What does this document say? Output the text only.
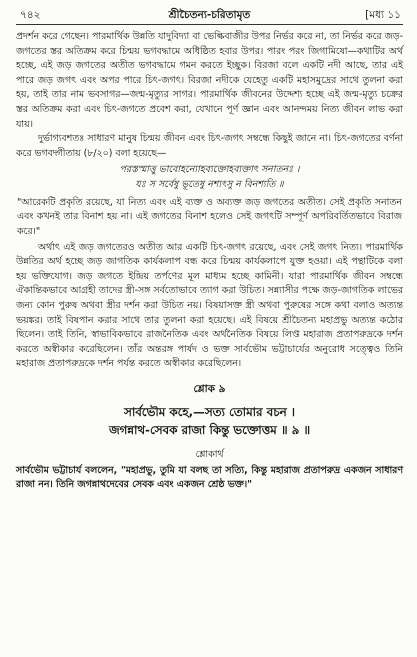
৭৪২	শ্রীচৈতন্য-চরিতামৃত	[মধ্য ১১

প্রদর্শন করে গেছেন। পারমার্থিক উন্নতি যাদুবিদ্যা বা ভেল্কিবাজীর উপর নির্ভর করে না, তা নির্ভর করে জড়-জগতের স্তর অতিক্রম করে চিন্ময় ভগবদ্ধামে অধিষ্ঠিত হবার উপর। পারং পরং জিগামিষো—কথাটির অর্থ হচ্ছে, এই জড় জগতের অতীত ভগবদ্ধামে গমন করতে ইচ্ছুক। বিরজা বলে একটি নদী আছে, তার এই পারে জড় জগৎ এবং অপর পারে চিৎ-জগৎ। বিরজা নদীকে যেহেতু একটি মহাসমুদ্রের সাথে তুলনা করা হয়, তাই তার নাম ভবসাগর—জন্ম-মৃত্যুর সাগর। পারমার্থিক জীবনের উদ্দেশ্য হচ্ছে এই জন্ম-মৃত্যু চক্রের স্তর অতিক্রম করা এবং চিৎ-জগতে প্রবেশ করা, যেখানে পূর্ণ জ্ঞান এবং আনন্দময় নিত্য জীবন লাভ করা যায়।

দুর্ভাগ্যবশতঃ সাধারণ মানুষ চিন্ময় জীবন এবং চিৎ-জগৎ সম্বন্ধে কিছুই জানে না। চিৎ-জগতের বর্ণনা করে ভগবদ্গীতায় (৮/২০) বলা হয়েছে—

পরস্তস্মাত্তু ভাবোহন্যোহব্যক্তোহব্যক্তাৎ সনাতনঃ ।
যঃ স সর্বেষু ভূতেষু নশ্যৎসু ন বিনশ্যতি ॥

"আরেকটি প্রকৃতি রয়েছে, যা নিত্য এবং এই ব্যক্ত ও অব্যক্ত জড় জগতের অতীত। সেই প্রকৃতি সনাতন এবং কখনই তার বিনাশ হয় না। এই জগতের বিনাশ হলেও সেই জগৎটি সম্পূর্ণ অপরিবর্তিতভাবে বিরাজ করে।"

অর্থাৎ এই জড় জগতেরও অতীত আর একটি চিৎ-জগৎ রয়েছে, এবং সেই জগৎ নিত্য। পারমার্থিক উন্নতির অর্থ হচ্ছে জড় জাগতিক কার্যকলাপ বন্ধ করে চিন্ময় কার্যকলাপে যুক্ত হওয়া। এই পন্থাটিকে বলা হয় ভক্তিযোগ। জড় জগতে ইন্দ্রিয় তর্পণের মূল মাধ্যম হচ্ছে কামিনী। যারা পারমার্থিক জীবন সম্বন্ধে ঐকান্তিকভাবে আগ্রহী তাদের স্ত্রী-সঙ্গ সর্বতোভাবে ত্যাগ করা উচিত। সন্ন্যাসীর পক্ষে জড়-জাগতিক লাভের জন্য কোন পুরুষ অথবা স্ত্রীর দর্শন করা উচিত নয়। বিষয়াসক্ত স্ত্রী অথবা পুরুষের সঙ্গে কথা বলাও অত্যন্ত ভয়ঙ্কর। তাই বিষপান করার সাথে তার তুলনা করা হয়েছে। এই বিষয়ে শ্রীচৈতন্য মহাপ্রভু অত্যন্ত কঠোর ছিলেন। তাই তিনি, স্বাভাবিকভাবে রাজনৈতিক এবং অর্থনৈতিক বিষয়ে লিপ্ত মহারাজ প্রতাপরুদ্রকে দর্শন করতে অস্বীকার করেছিলেন। তাঁর অন্তরঙ্গ পার্ষদ ও ভক্ত সার্বভৌম ভট্টাচার্যের অনুরোধ সত্ত্বেও তিনি মহারাজ প্রতাপরুদ্রকে দর্শন পর্যন্ত করতে অস্বীকার করেছিলেন।

শ্লোক ৯
সার্বভৌম কহে,—সত্য তোমার বচন ।
জগন্নাথ-সেবক রাজা কিন্তু ভক্তোত্তম ॥ ৯ ॥
শ্লোকার্থ

সার্বভৌম ভট্টাচার্য বললেন, "মহাপ্রভু, তুমি যা বলছ তা সত্যি, কিন্তু মহারাজ প্রতাপরুদ্র একজন সাধারণ রাজা নন। তিনি জগন্নাথদেবের সেবক এবং একজন শ্রেষ্ঠ ভক্ত।"
